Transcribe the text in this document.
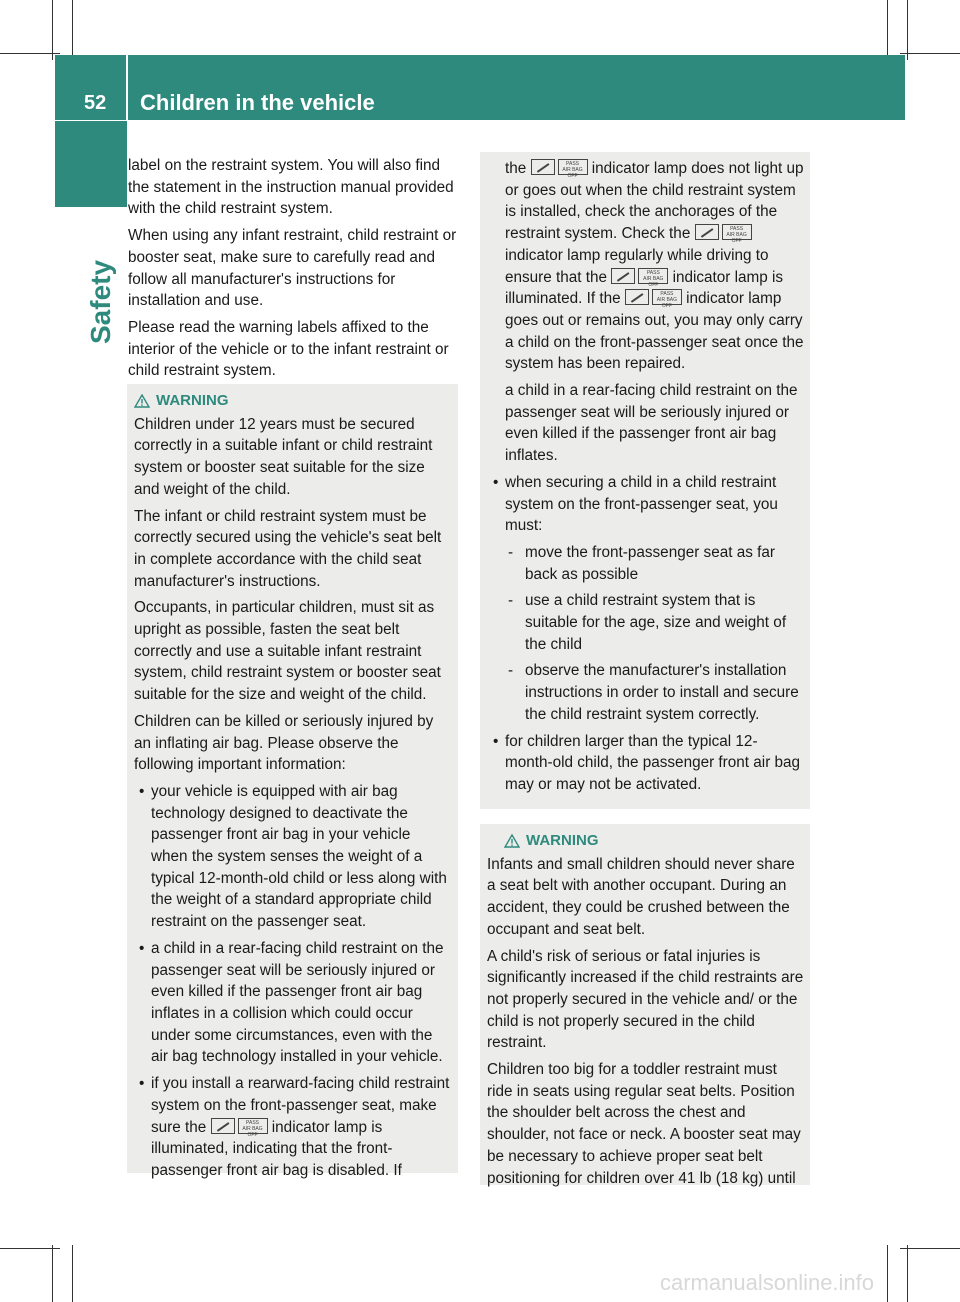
52 Children in the vehicle
Safety

label on the restraint system. You will also find the statement in the instruction manual provided with the child restraint system.

When using any infant restraint, child restraint or booster seat, make sure to carefully read and follow all manufacturer's instructions for installation and use.

Please read the warning labels affixed to the interior of the vehicle or to the infant restraint or child restraint system.

WARNING

Children under 12 years must be secured correctly in a suitable infant or child restraint system or booster seat suitable for the size and weight of the child.

The infant or child restraint system must be correctly secured using the vehicle's seat belt in complete accordance with the child seat manufacturer's instructions.

Occupants, in particular children, must sit as upright as possible, fasten the seat belt correctly and use a suitable infant restraint system, child restraint system or booster seat suitable for the size and weight of the child.

Children can be killed or seriously injured by an inflating air bag. Please observe the following important information:

• your vehicle is equipped with air bag technology designed to deactivate the passenger front air bag in your vehicle when the system senses the weight of a typical 12-month-old child or less along with the weight of a standard appropriate child restraint on the passenger seat.
• a child in a rear-facing child restraint on the passenger seat will be seriously injured or even killed if the passenger front air bag inflates in a collision which could occur under some circumstances, even with the air bag technology installed in your vehicle.
• if you install a rearward-facing child restraint system on the front-passenger seat, make sure the	PASS
AIR BAG OFF indicator lamp is illuminated, indicating that the front-passenger front air bag is disabled. If

the	PASS
AIR BAG OFF indicator lamp does not light up or goes out when the child restraint system is installed, check the anchorages of the restraint system. Check the	PASS
AIR BAG OFF
indicator lamp regularly while driving to ensure that the	PASS
AIR BAG OFF indicator lamp is illuminated. If the	PASS
AIR BAG OFF indicator lamp goes out or remains out, you may only carry a child on the front-passenger seat once the system has been repaired.

a child in a rear-facing child restraint on the passenger seat will be seriously injured or even killed if the passenger front air bag inflates.

• when securing a child in a child restraint system on the front-passenger seat, you must:
- move the front-passenger seat as far back as possible
- use a child restraint system that is suitable for the age, size and weight of the child
- observe the manufacturer's installation instructions in order to install and secure the child restraint system correctly.
• for children larger than the typical 12-month-old child, the passenger front air bag may or may not be activated.
WARNING

Infants and small children should never share a seat belt with another occupant. During an accident, they could be crushed between the occupant and seat belt.

A child's risk of serious or fatal injuries is significantly increased if the child restraints are not properly secured in the vehicle and/ or the child is not properly secured in the child restraint.

Children too big for a toddler restraint must ride in seats using regular seat belts. Position the shoulder belt across the chest and shoulder, not face or neck. A booster seat may be necessary to achieve proper seat belt positioning for children over 41 lb (18 kg) until

carmanualsonline.info
